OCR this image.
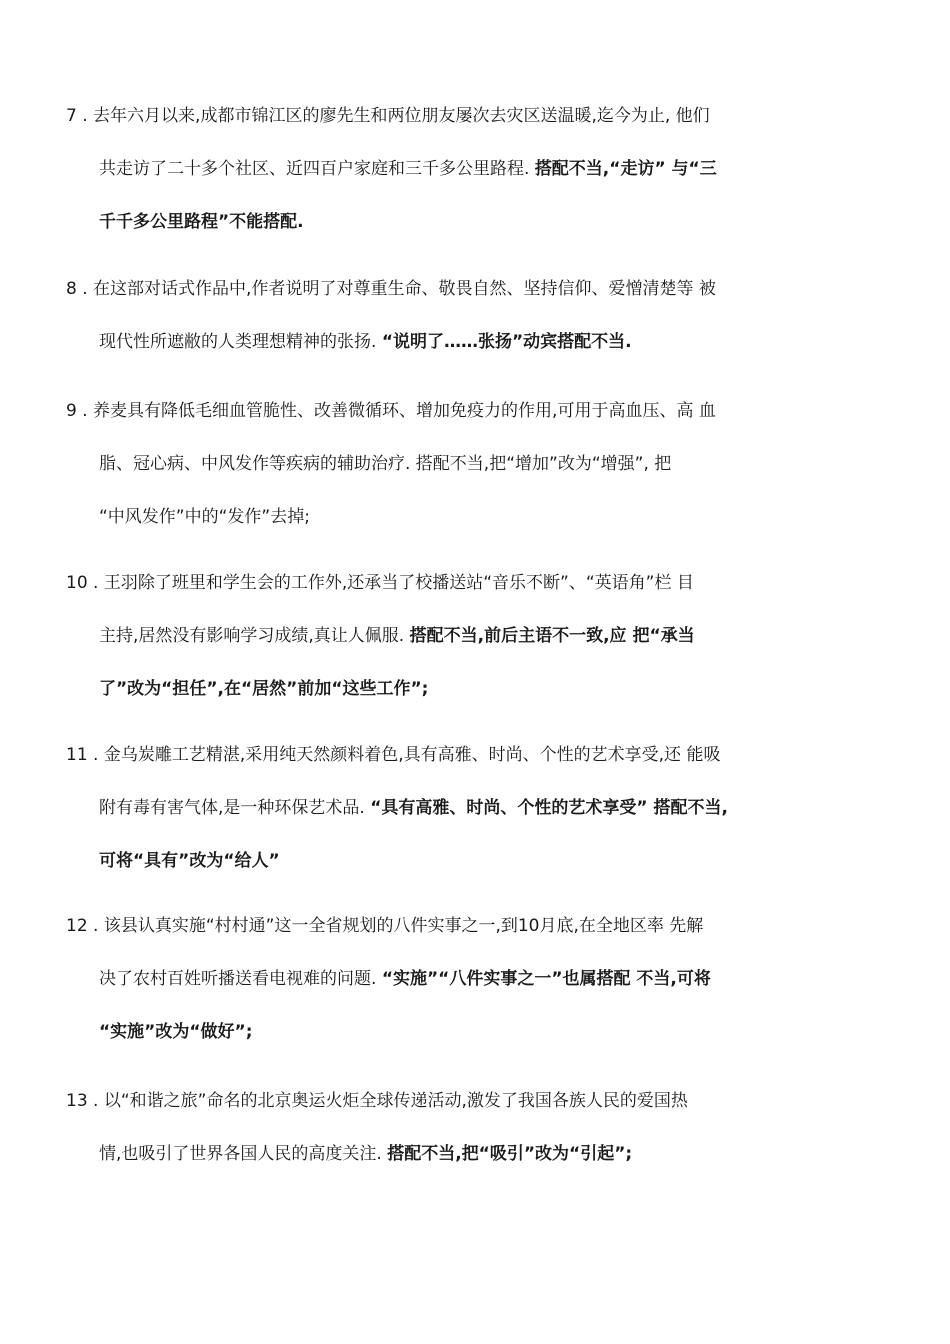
7 . 去年六月以来,成都市锦江区的廖先生和两位朋友屡次去灾区送温暖,迄今为止, 他们
共走访了二十多个社区、近四百户家庭和三千多公里路程. 搭配不当,“走访” 与“三
千千多公里路程”不能搭配.
8 . 在这部对话式作品中,作者说明了对尊重生命、敬畏自然、坚持信仰、爱憎清楚等 被
现代性所遮敝的人类理想精神的张扬. “说明了……张扬”动宾搭配不当.
9 . 养麦具有降低毛细血管脆性、改善微循环、增加免疫力的作用,可用于高血压、高 血
脂、冠心病、中风发作等疾病的辅助治疗. 搭配不当,把“增加”改为“增强”, 把
“中风发作”中的“发作”去掉;
10 . 王羽除了班里和学生会的工作外,还承当了校播送站“音乐不断”、“英语角”栏 目
主持,居然没有影响学习成绩,真让人佩服. 搭配不当,前后主语不一致,应 把“承当
了”改为“担任”,在“居然”前加“这些工作”;
11 . 金乌炭雕工艺精湛,采用纯天然颜料着色,具有高雅、时尚、个性的艺术享受,还 能吸
附有毒有害气体,是一种环保艺术品. “具有高雅、时尚、个性的艺术享受” 搭配不当,
可将“具有”改为“给人”
12 . 该县认真实施“村村通”这一全省规划的八件实事之一,到10月底,在全地区率 先解
决了农村百姓听播送看电视难的问题. “实施”“八件实事之一”也属搭配 不当,可将
“实施”改为“做好”;
13 . 以“和谐之旅”命名的北京奥运火炬全球传递活动,激发了我国各族人民的爱国热
情,也吸引了世界各国人民的高度关注. 搭配不当,把“吸引”改为“引起”;
